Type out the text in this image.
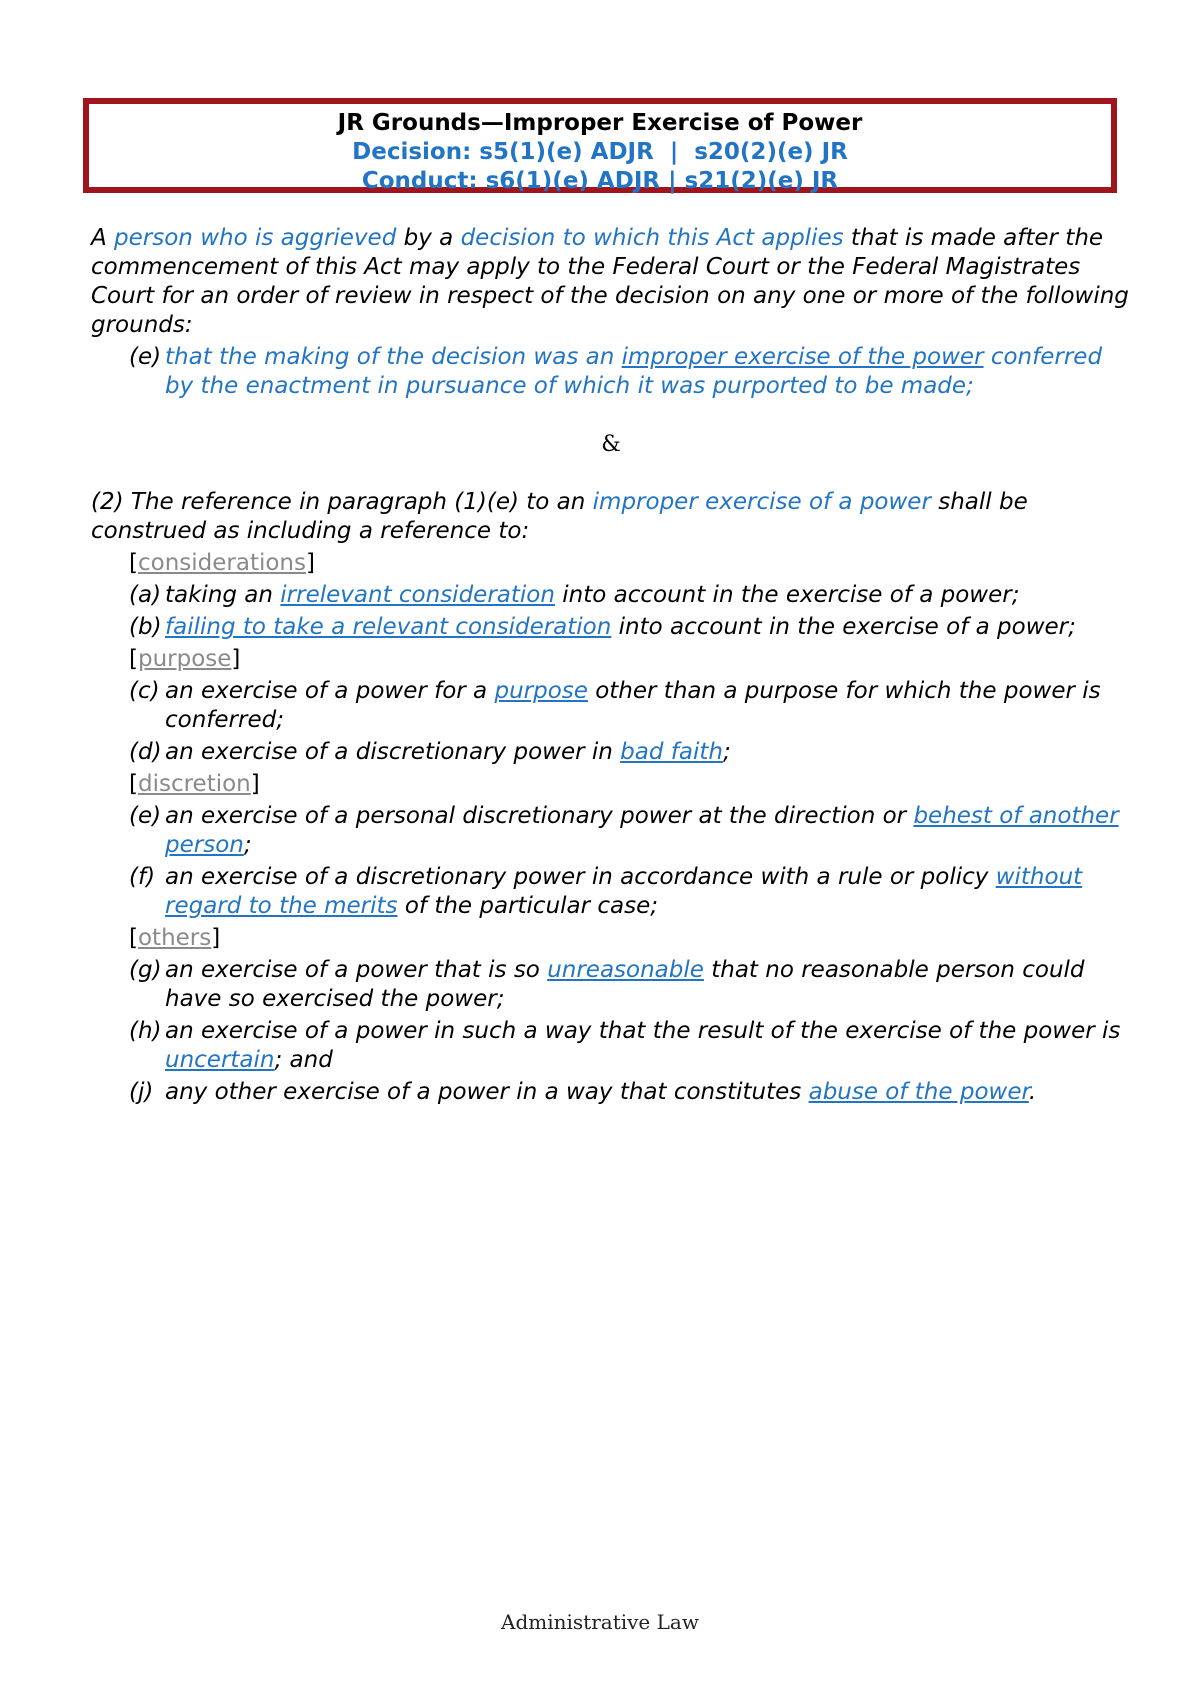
JR Grounds—Improper Exercise of Power
Decision: s5(1)(e) ADJR  |  s20(2)(e) JR
Conduct: s6(1)(e) ADJR | s21(2)(e) JR

A person who is aggrieved by a decision to which this Act applies that is made after the commencement of this Act may apply to the Federal Court or the Federal Magistrates Court for an order of review in respect of the decision on any one or more of the following grounds:

(e) that the making of the decision was an improper exercise of the power conferred by the enactment in pursuance of which it was purported to be made;

&

(2) The reference in paragraph (1)(e) to an improper exercise of a power shall be construed as including a reference to:

[considerations]

(a) taking an irrelevant consideration into account in the exercise of a power;

(b) failing to take a relevant consideration into account in the exercise of a power;

[purpose]

(c) an exercise of a power for a purpose other than a purpose for which the power is conferred;

(d) an exercise of a discretionary power in bad faith;

[discretion]

(e) an exercise of a personal discretionary power at the direction or behest of another person;

(f) an exercise of a discretionary power in accordance with a rule or policy without regard to the merits of the particular case;

[others]

(g) an exercise of a power that is so unreasonable that no reasonable person could have so exercised the power;

(h) an exercise of a power in such a way that the result of the exercise of the power is uncertain; and

(j) any other exercise of a power in a way that constitutes abuse of the power.

Administrative Law
